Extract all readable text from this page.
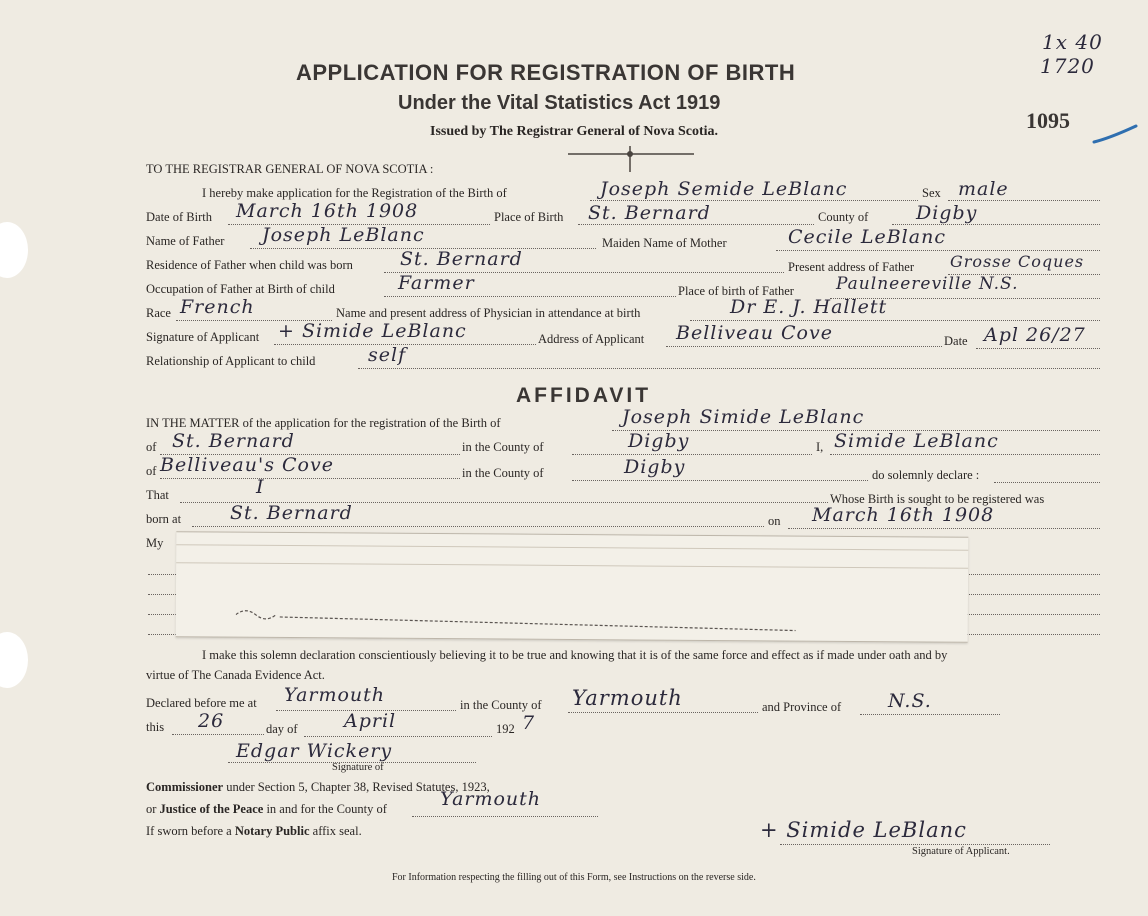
1x 40
1720
1095
APPLICATION FOR REGISTRATION OF BIRTH
Under the Vital Statistics Act 1919
Issued by The Registrar General of Nova Scotia.
TO THE REGISTRAR GENERAL OF NOVA SCOTIA :
I hereby make application for the Registration of the Birth of	Joseph Semide LeBlanc	Sex male
Date of Birth March 16th 1908	Place of Birth St. Bernard	County of	Digby
Name of Father Joseph LeBlanc	Maiden Name of Mother	Cecile LeBlanc
Residence of Father when child was born St. Bernard	Present address of Father Grosse Coques
Occupation of Father at Birth of child	Farmer	Place of birth of Father Paulneereville N.S.
Race French	Name and present address of Physician in attendance at birth	Dr E. J. Hallett
Signature of Applicant + Simide LeBlanc	Address of Applicant Belliveau Cove	Date Apl 26/27
Relationship of Applicant to child	self
AFFIDAVIT
IN THE MATTER of the application for the registration of the Birth of	Joseph Simide LeBlanc
of St. Bernard	in the County of	Digby	I, Simide LeBlanc
of Belliveau's Cove	in the County of	Digby	do solemnly declare :
That	I
Whose Birth is sought to be registered was
born at	St. Bernard	on March 16th 1908
My
I make this solemn declaration conscientiously believing it to be true and knowing that it is of the same force and effect as if made under oath and by
virtue of The Canada Evidence Act.
Declared before me at Yarmouth	in the County of Yarmouth	and Province of N.S.
this 26	day of April	192 7
Edgar Wickery
Signature of
Commissioner under Section 5, Chapter 38, Revised Statutes, 1923,
or Justice of the Peace in and for the County of	Yarmouth
If sworn before a Notary Public affix seal.	+ Simide LeBlanc
Signature of Applicant.
For Information respecting the filling out of this Form, see Instructions on the reverse side.
